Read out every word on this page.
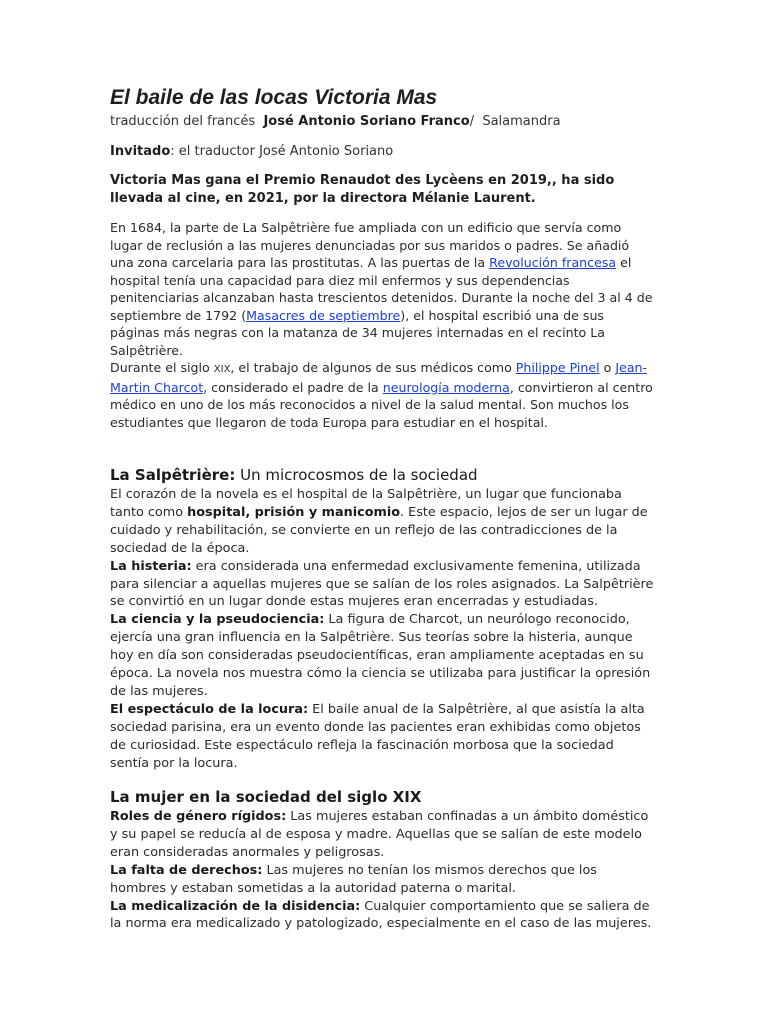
El baile de las locas Victoria Mas
traducción del francés José Antonio Soriano Franco/ Salamandra
Invitado: el traductor José Antonio Soriano
Victoria Mas gana el Premio Renaudot des Lycèens en 2019,, ha sido llevada al cine, en 2021, por la directora Mélanie Laurent.

En 1684, la parte de La Salpêtrière fue ampliada con un edificio que servía como lugar de reclusión a las mujeres denunciadas por sus maridos o padres. Se añadió una zona carcelaria para las prostitutas. A las puertas de la Revolución francesa el hospital tenía una capacidad para diez mil enfermos y sus dependencias penitenciarias alcanzaban hasta trescientos detenidos. Durante la noche del 3 al 4 de septiembre de 1792 (Masacres de septiembre), el hospital escribió una de sus páginas más negras con la matanza de 34 mujeres internadas en el recinto La Salpêtrière.

Durante el siglo XIX, el trabajo de algunos de sus médicos como Philippe Pinel o Jean-Martin Charcot, considerado el padre de la neurología moderna, convirtieron al centro médico en uno de los más reconocidos a nivel de la salud mental. Son muchos los estudiantes que llegaron de toda Europa para estudiar en el hospital.

La Salpêtrière: Un microcosmos de la sociedad

El corazón de la novela es el hospital de la Salpêtrière, un lugar que funcionaba tanto como hospital, prisión y manicomio. Este espacio, lejos de ser un lugar de cuidado y rehabilitación, se convierte en un reflejo de las contradicciones de la sociedad de la época.

La histeria: era considerada una enfermedad exclusivamente femenina, utilizada para silenciar a aquellas mujeres que se salían de los roles asignados. La Salpêtrière se convirtió en un lugar donde estas mujeres eran encerradas y estudiadas.

La ciencia y la pseudociencia: La figura de Charcot, un neurólogo reconocido, ejercía una gran influencia en la Salpêtrière. Sus teorías sobre la histeria, aunque hoy en día son consideradas pseudocientíficas, eran ampliamente aceptadas en su época. La novela nos muestra cómo la ciencia se utilizaba para justificar la opresión de las mujeres.

El espectáculo de la locura: El baile anual de la Salpêtrière, al que asistía la alta sociedad parisina, era un evento donde las pacientes eran exhibidas como objetos de curiosidad. Este espectáculo refleja la fascinación morbosa que la sociedad sentía por la locura.

La mujer en la sociedad del siglo XIX

Roles de género rígidos: Las mujeres estaban confinadas a un ámbito doméstico y su papel se reducía al de esposa y madre. Aquellas que se salían de este modelo eran consideradas anormales y peligrosas.

La falta de derechos: Las mujeres no tenían los mismos derechos que los hombres y estaban sometidas a la autoridad paterna o marital.

La medicalización de la disidencia: Cualquier comportamiento que se saliera de la norma era medicalizado y patologizado, especialmente en el caso de las mujeres.
